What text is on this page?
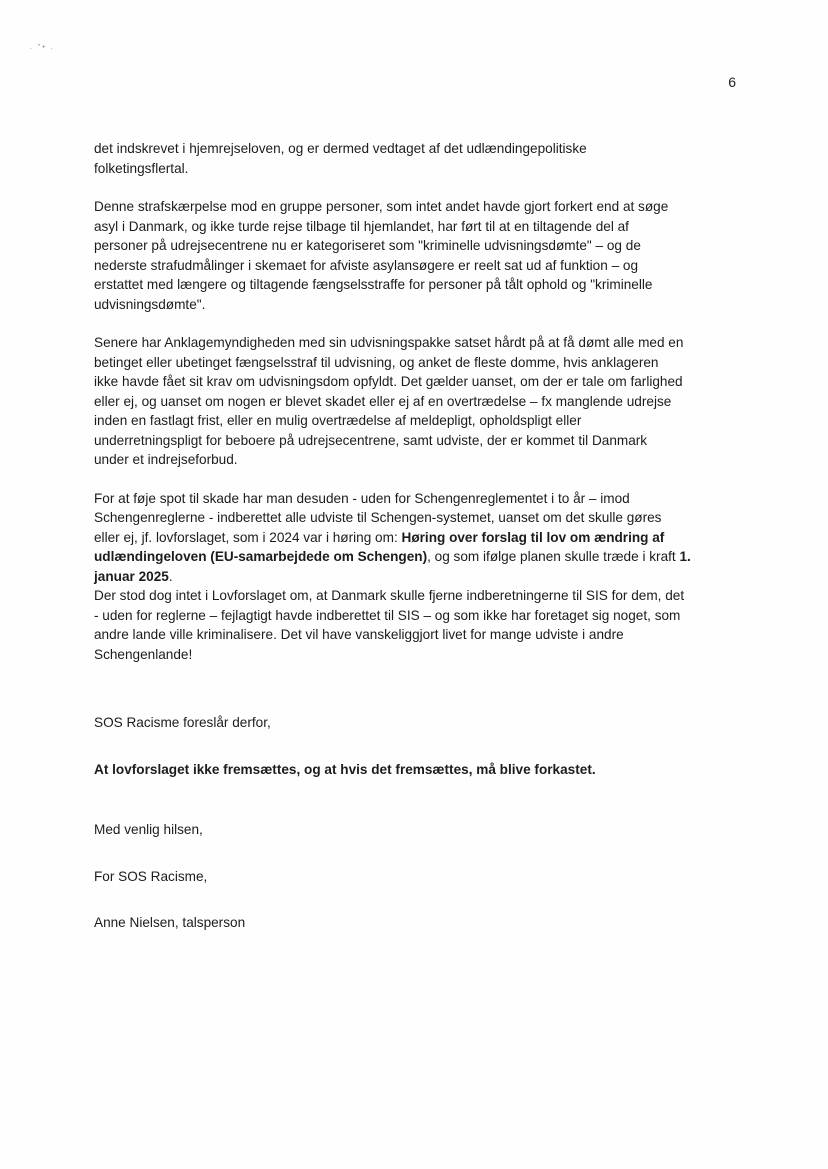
. "• .
6

det indskrevet i hjemrejseloven, og er dermed vedtaget af det udlændingepolitiske
folketingsflertal.

Denne strafskærpelse mod en gruppe personer, som intet andet havde gjort forkert end at søge
asyl i Danmark, og ikke turde rejse tilbage til hjemlandet, har ført til at en tiltagende del af
personer på udrejsecentrene nu er kategoriseret som "kriminelle udvisningsdømte" – og de
nederste strafudmålinger i skemaet for afviste asylansøgere er reelt sat ud af funktion – og
erstattet med længere og tiltagende fængselsstraffe for personer på tålt ophold og "kriminelle
udvisningsdømte".

Senere har Anklagemyndigheden med sin udvisningspakke satset hårdt på at få dømt alle med en
betinget eller ubetinget fængselsstraf til udvisning, og anket de fleste domme, hvis anklageren
ikke havde fået sit krav om udvisningsdom opfyldt. Det gælder uanset, om der er tale om farlighed
eller ej, og uanset om nogen er blevet skadet eller ej af en overtrædelse – fx manglende udrejse
inden en fastlagt frist, eller en mulig overtrædelse af meldepligt, opholdspligt eller
underretningspligt for beboere på udrejsecentrene, samt udviste, der er kommet til Danmark
under et indrejseforbud.

For at føje spot til skade har man desuden - uden for Schengenreglementet i to år – imod
Schengenreglerne - indberettet alle udviste til Schengen-systemet, uanset om det skulle gøres
eller ej, jf. lovforslaget, som i 2024 var i høring om: Høring over forslag til lov om ændring af
udlændingeloven (EU-samarbejdede om Schengen), og som ifølge planen skulle træde i kraft 1.
januar 2025.

Der stod dog intet i Lovforslaget om, at Danmark skulle fjerne indberetningerne til SIS for dem, det
- uden for reglerne – fejlagtigt havde indberettet til SIS – og som ikke har foretaget sig noget, som
andre lande ville kriminalisere. Det vil have vanskeliggjort livet for mange udviste i andre
Schengenlande!

SOS Racisme foreslår derfor,

At lovforslaget ikke fremsættes, og at hvis det fremsættes, må blive forkastet.

Med venlig hilsen,

For SOS Racisme,

Anne Nielsen, talsperson
